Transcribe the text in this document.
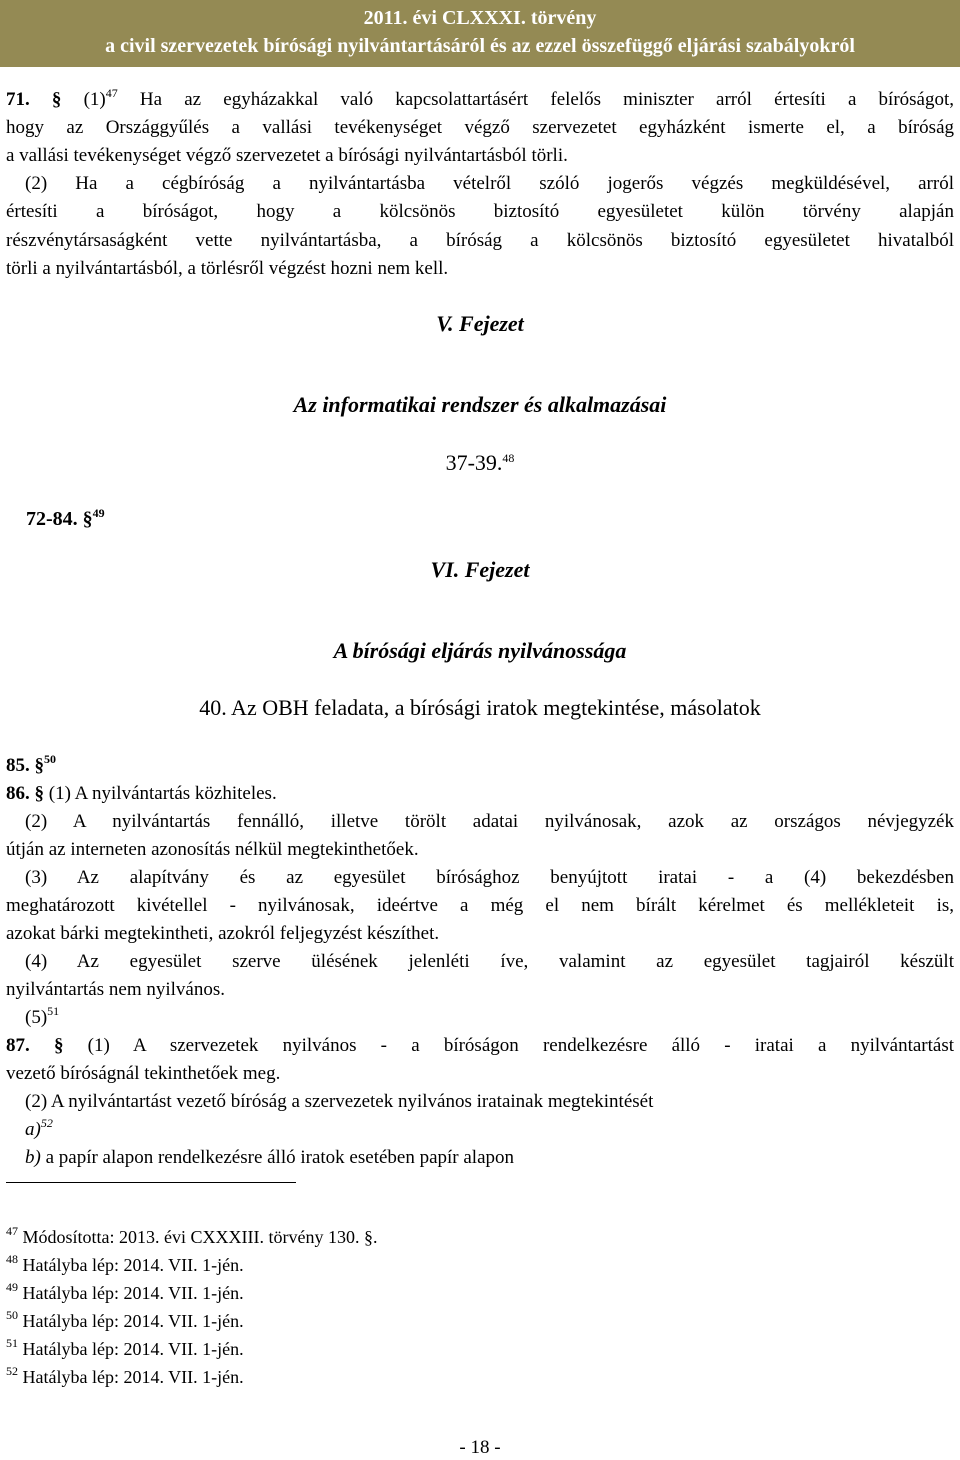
2011. évi CLXXXI. törvény
a civil szervezetek bírósági nyilvántartásáról és az ezzel összefüggő eljárási szabályokról
71. § $(1)^{47}$ Ha az egyházakkal való kapcsolattartásért felelős miniszter arról értesíti a bíróságot,
hogy az Országgyűlés a vallási tevékenységet végző szervezetet egyházként ismerte el, a bíróság
a vallási tevékenységet végző szervezetet a bírósági nyilvántartásból törli.
(2) Ha a cégbíróság a nyilvántartásba vételről szóló jogerős végzés megküldésével, arról
értesíti a bíróságot, hogy a kölcsönös biztosító egyesületet külön törvény alapján
részvénytársaságként vette nyilvántartásba, a bíróság a kölcsönös biztosító egyesületet hivatalból
törli a nyilvántartásból, a törlésről végzést hozni nem kell.
V. Fejezet
Az informatikai rendszer és alkalmazásai
37-39.48
72-84. §$^{49}$
VI. Fejezet
A bírósági eljárás nyilvánossága
40. Az OBH feladata, a bírósági iratok megtekintése, másolatok
85. §$^{50}$
86. § (1) A nyilvántartás közhiteles.
(2) A nyilvántartás fennálló, illetve törölt adatai nyilvánosak, azok az országos névjegyzék
útján az interneten azonosítás nélkül megtekinthetőek.
(3) Az alapítvány és az egyesület bírósághoz benyújtott iratai - a (4) bekezdésben
meghatározott kivétellel - nyilvánosak, ideértve a még el nem bírált kérelmet és mellékleteit is,
azokat bárki megtekintheti, azokról feljegyzést készíthet.
(4) Az egyesület szerve ülésének jelenléti íve, valamint az egyesület tagjairól készült
nyilvántartás nem nyilvános.
$(5)^{51}$
87. § (1) A szervezetek nyilvános - a bíróságon rendelkezésre álló - iratai a nyilvántartást
vezető bíróságnál tekinthetőek meg.
(2) A nyilvántartást vezető bíróság a szervezetek nyilvános iratainak megtekintését
a)$^{52}$
b) a papír alapon rendelkezésre álló iratok esetében papír alapon
$^{47}$ Módosította: 2013. évi CXXXIII. törvény 130. §.
$^{48}$ Hatályba lép: 2014. VII. 1-jén.
$^{49}$ Hatályba lép: 2014. VII. 1-jén.
$^{50}$ Hatályba lép: 2014. VII. 1-jén.
$^{51}$ Hatályba lép: 2014. VII. 1-jén.
$^{52}$ Hatályba lép: 2014. VII. 1-jén.
- 18 -
